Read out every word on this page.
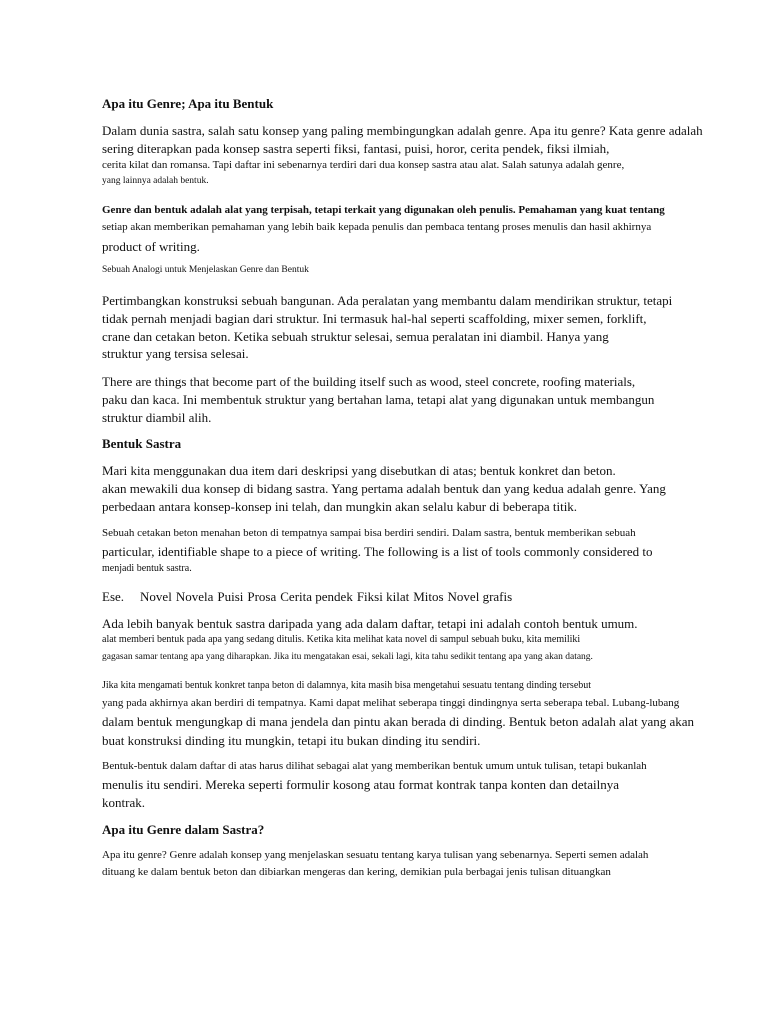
Apa itu Genre; Apa itu Bentuk
Dalam dunia sastra, salah satu konsep yang paling membingungkan adalah genre. Apa itu genre? Kata genre adalah
sering diterapkan pada konsep sastra seperti fiksi, fantasi, puisi, horor, cerita pendek, fiksi ilmiah,
cerita kilat dan romansa. Tapi daftar ini sebenarnya terdiri dari dua konsep sastra atau alat. Salah satunya adalah genre,
yang lainnya adalah bentuk.
Genre dan bentuk adalah alat yang terpisah, tetapi terkait yang digunakan oleh penulis. Pemahaman yang kuat tentang
setiap akan memberikan pemahaman yang lebih baik kepada penulis dan pembaca tentang proses menulis dan hasil akhirnya
product of writing.
Sebuah Analogi untuk Menjelaskan Genre dan Bentuk
Pertimbangkan konstruksi sebuah bangunan. Ada peralatan yang membantu dalam mendirikan struktur, tetapi
tidak pernah menjadi bagian dari struktur. Ini termasuk hal-hal seperti scaffolding, mixer semen, forklift,
crane dan cetakan beton. Ketika sebuah struktur selesai, semua peralatan ini diambil. Hanya yang
struktur yang tersisa selesai.
There are things that become part of the building itself such as wood, steel concrete, roofing materials,
paku dan kaca. Ini membentuk struktur yang bertahan lama, tetapi alat yang digunakan untuk membangun
struktur diambil alih.
Bentuk Sastra
Mari kita menggunakan dua item dari deskripsi yang disebutkan di atas; bentuk konkret dan beton.
akan mewakili dua konsep di bidang sastra. Yang pertama adalah bentuk dan yang kedua adalah genre. Yang
perbedaan antara konsep-konsep ini telah, dan mungkin akan selalu kabur di beberapa titik.
Sebuah cetakan beton menahan beton di tempatnya sampai bisa berdiri sendiri. Dalam sastra, bentuk memberikan sebuah
particular, identifiable shape to a piece of writing. The following is a list of tools commonly considered to
menjadi bentuk sastra.
Ese. Novel Novela Puisi Prosa Cerita pendek Fiksi kilat Mitos Novel grafis
Ada lebih banyak bentuk sastra daripada yang ada dalam daftar, tetapi ini adalah contoh bentuk umum.
alat memberi bentuk pada apa yang sedang ditulis. Ketika kita melihat kata novel di sampul sebuah buku, kita memiliki
gagasan samar tentang apa yang diharapkan. Jika itu mengatakan esai, sekali lagi, kita tahu sedikit tentang apa yang akan datang.
Jika kita mengamati bentuk konkret tanpa beton di dalamnya, kita masih bisa mengetahui sesuatu tentang dinding tersebut
yang pada akhirnya akan berdiri di tempatnya. Kami dapat melihat seberapa tinggi dindingnya serta seberapa tebal. Lubang-lubang
dalam bentuk mengungkap di mana jendela dan pintu akan berada di dinding. Bentuk beton adalah alat yang akan
buat konstruksi dinding itu mungkin, tetapi itu bukan dinding itu sendiri.
Bentuk-bentuk dalam daftar di atas harus dilihat sebagai alat yang memberikan bentuk umum untuk tulisan, tetapi bukanlah
menulis itu sendiri. Mereka seperti formulir kosong atau format kontrak tanpa konten dan detailnya
kontrak.
Apa itu Genre dalam Sastra?
Apa itu genre? Genre adalah konsep yang menjelaskan sesuatu tentang karya tulisan yang sebenarnya. Seperti semen adalah
dituang ke dalam bentuk beton dan dibiarkan mengeras dan kering, demikian pula berbagai jenis tulisan dituangkan
